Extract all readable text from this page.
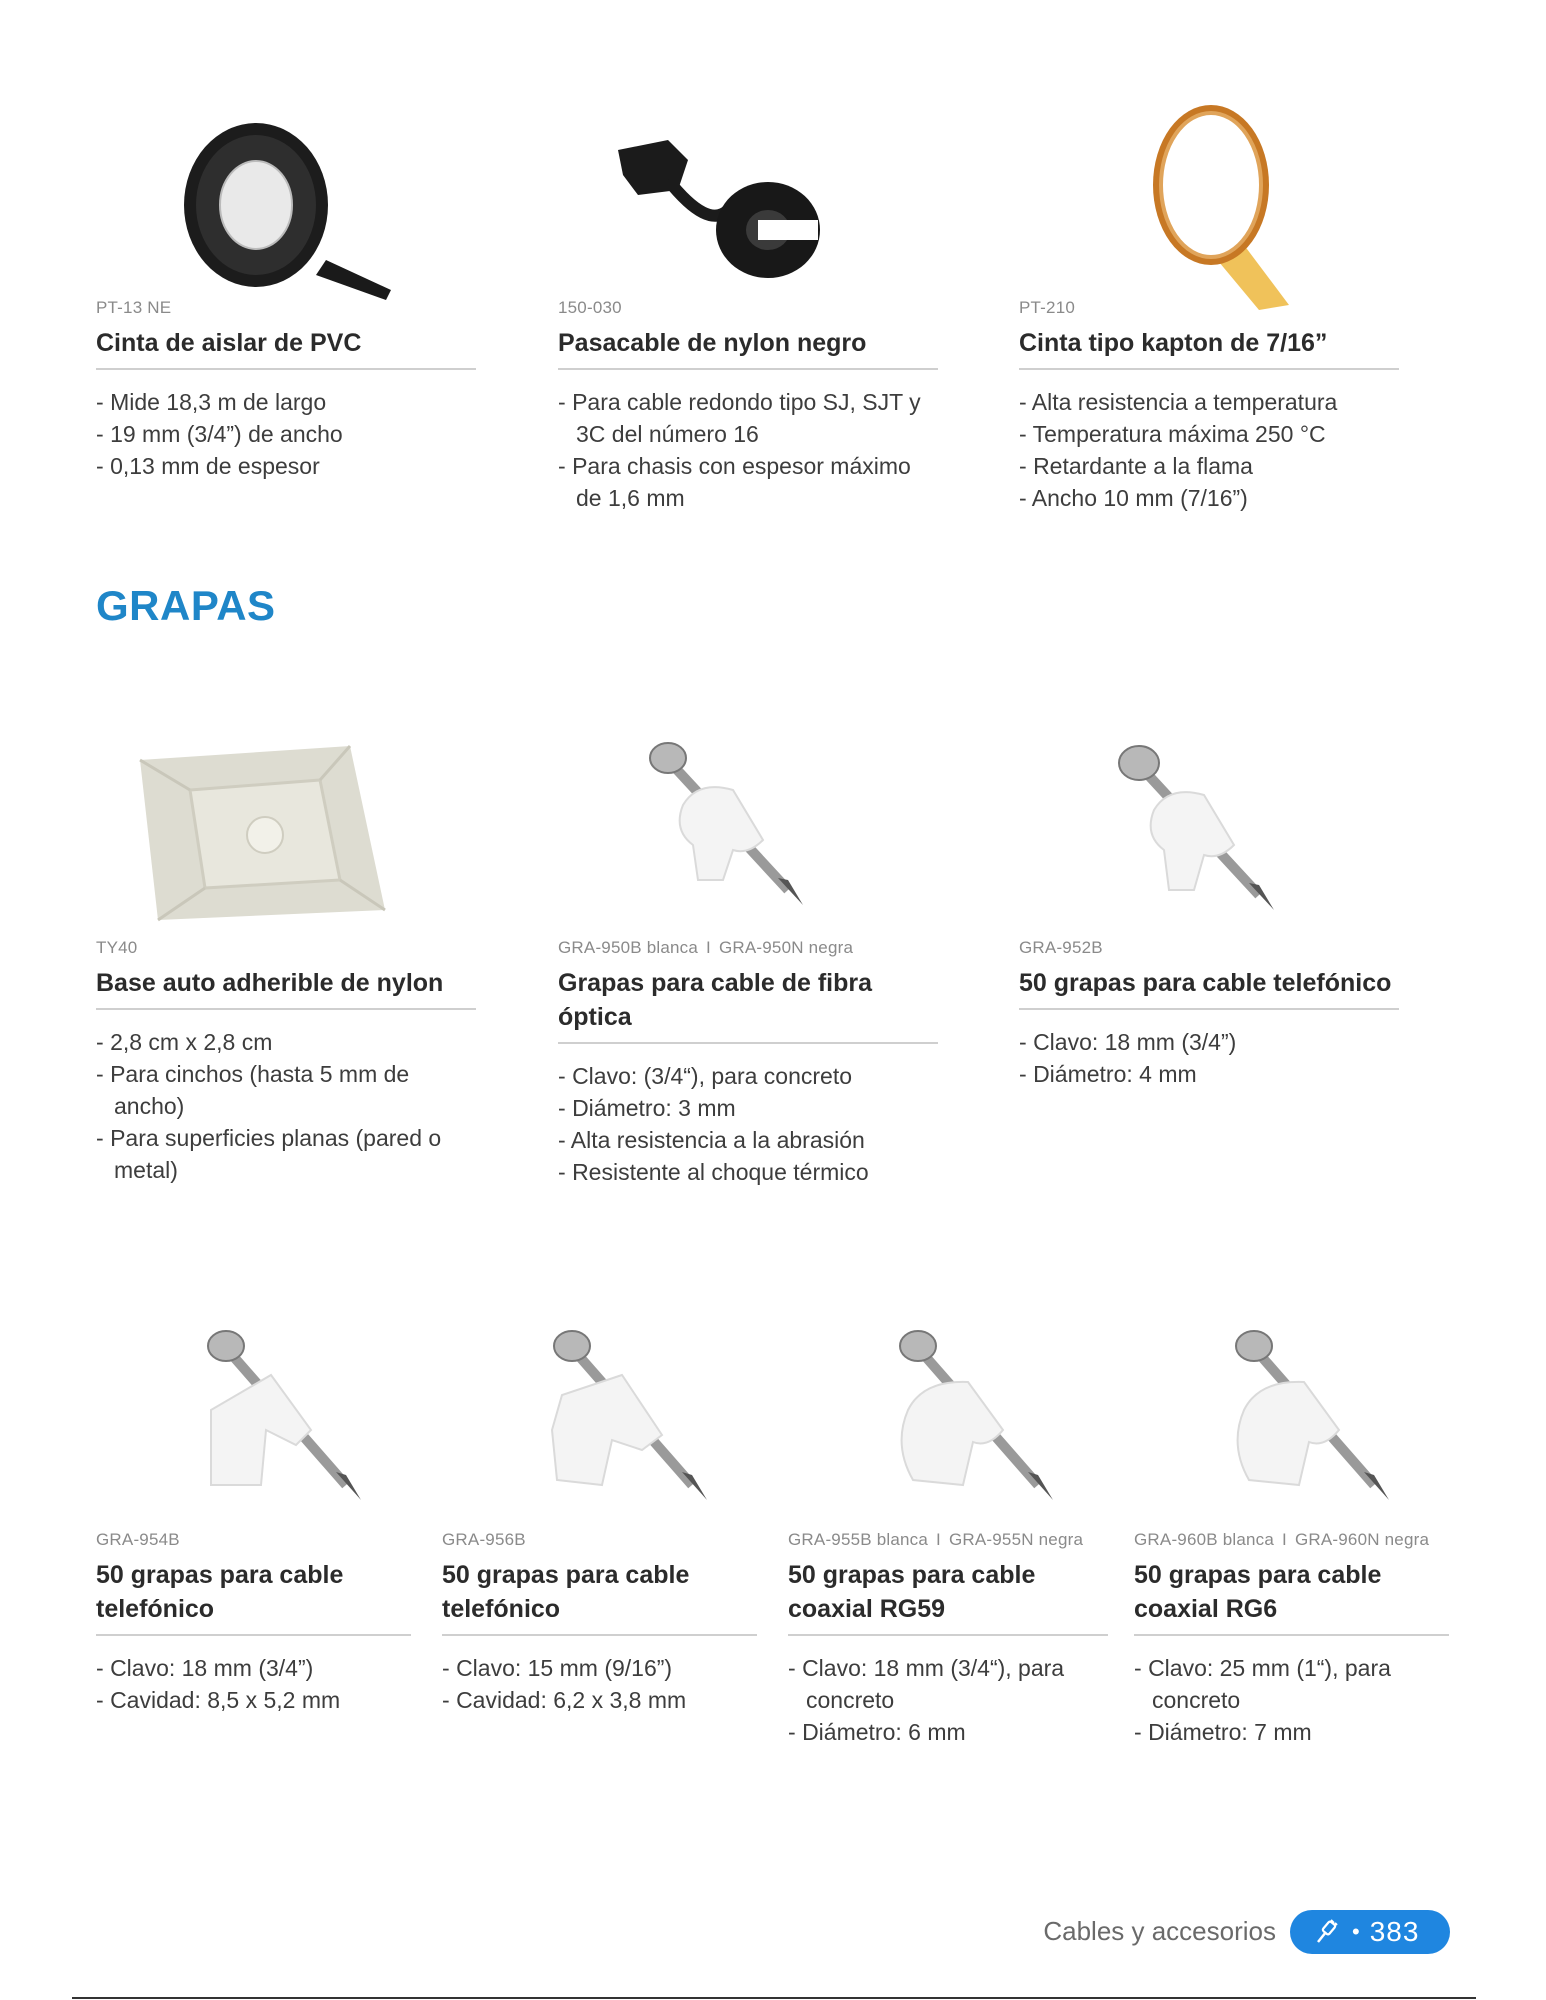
PT-13 NE
Cinta de aislar de PVC
- Mide 18,3 m de largo
- 19 mm (3/4”) de ancho
- 0,13 mm de espesor
150-030
Pasacable de nylon negro
- Para cable redondo tipo SJ, SJT y 3C del número 16
- Para chasis con espesor máximo de 1,6 mm
PT-210
Cinta tipo kapton de 7/16”
- Alta resistencia a temperatura
- Temperatura máxima 250 °C
- Retardante a la flama
- Ancho 10 mm (7/16”)
GRAPAS
TY40
Base auto adherible de nylon
- 2,8 cm x 2,8 cm
- Para cinchos (hasta 5 mm de ancho)
- Para superficies planas (pared o metal)
GRA-950B blanca I GRA-950N negra
Grapas para cable de fibra óptica
- Clavo: (3/4“), para concreto
- Diámetro: 3 mm
- Alta resistencia a la abrasión
- Resistente al choque térmico
GRA-952B
50 grapas para cable telefónico
- Clavo: 18 mm (3/4”)
- Diámetro: 4 mm
GRA-954B
50 grapas para cable telefónico
- Clavo: 18 mm (3/4”)
- Cavidad: 8,5 x 5,2 mm
GRA-956B
50 grapas para cable telefónico
- Clavo: 15 mm (9/16”)
- Cavidad: 6,2 x 3,8 mm
GRA-955B blanca I GRA-955N negra
50 grapas para cable coaxial RG59
- Clavo: 18 mm (3/4“), para concreto
- Diámetro: 6 mm
GRA-960B blanca I GRA-960N negra
50 grapas para cable coaxial RG6
- Clavo: 25 mm (1“), para concreto
- Diámetro: 7 mm
Cables y accesorios	• 383
